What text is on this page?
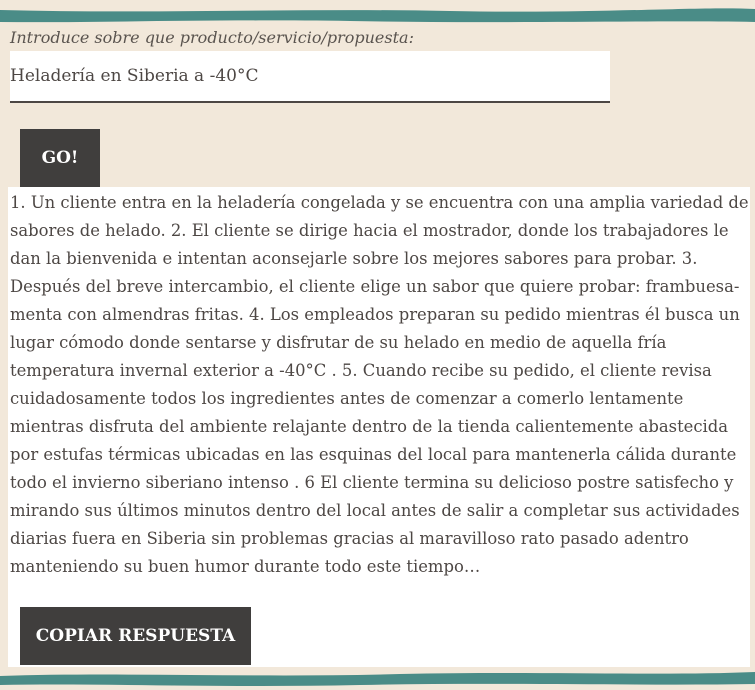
Introduce sobre que producto/servicio/propuesta:
Heladería en Siberia a -40°C
GO!

1. Un cliente entra en la heladería congelada y se encuentra con una amplia variedad de sabores de helado. 2. El cliente se dirige hacia el mostrador, donde los trabajadores le dan la bienvenida e intentan aconsejarle sobre los mejores sabores para probar. 3. Después del breve intercambio, el cliente elige un sabor que quiere probar: frambuesa-menta con almendras fritas. 4. Los empleados preparan su pedido mientras él busca un lugar cómodo donde sentarse y disfrutar de su helado en medio de aquella fría temperatura invernal exterior a -40°C . 5. Cuando recibe su pedido, el cliente revisa cuidadosamente todos los ingredientes antes de comenzar a comerlo lentamente mientras disfruta del ambiente relajante dentro de la tienda calientemente abastecida por estufas térmicas ubicadas en las esquinas del local para mantenerla cálida durante todo el invierno siberiano intenso . 6 El cliente termina su delicioso postre satisfecho y mirando sus últimos minutos dentro del local antes de salir a completar sus actividades diarias fuera en Siberia sin problemas gracias al maravilloso rato pasado adentro manteniendo su buen humor durante todo este tiempo…

COPIAR RESPUESTA
